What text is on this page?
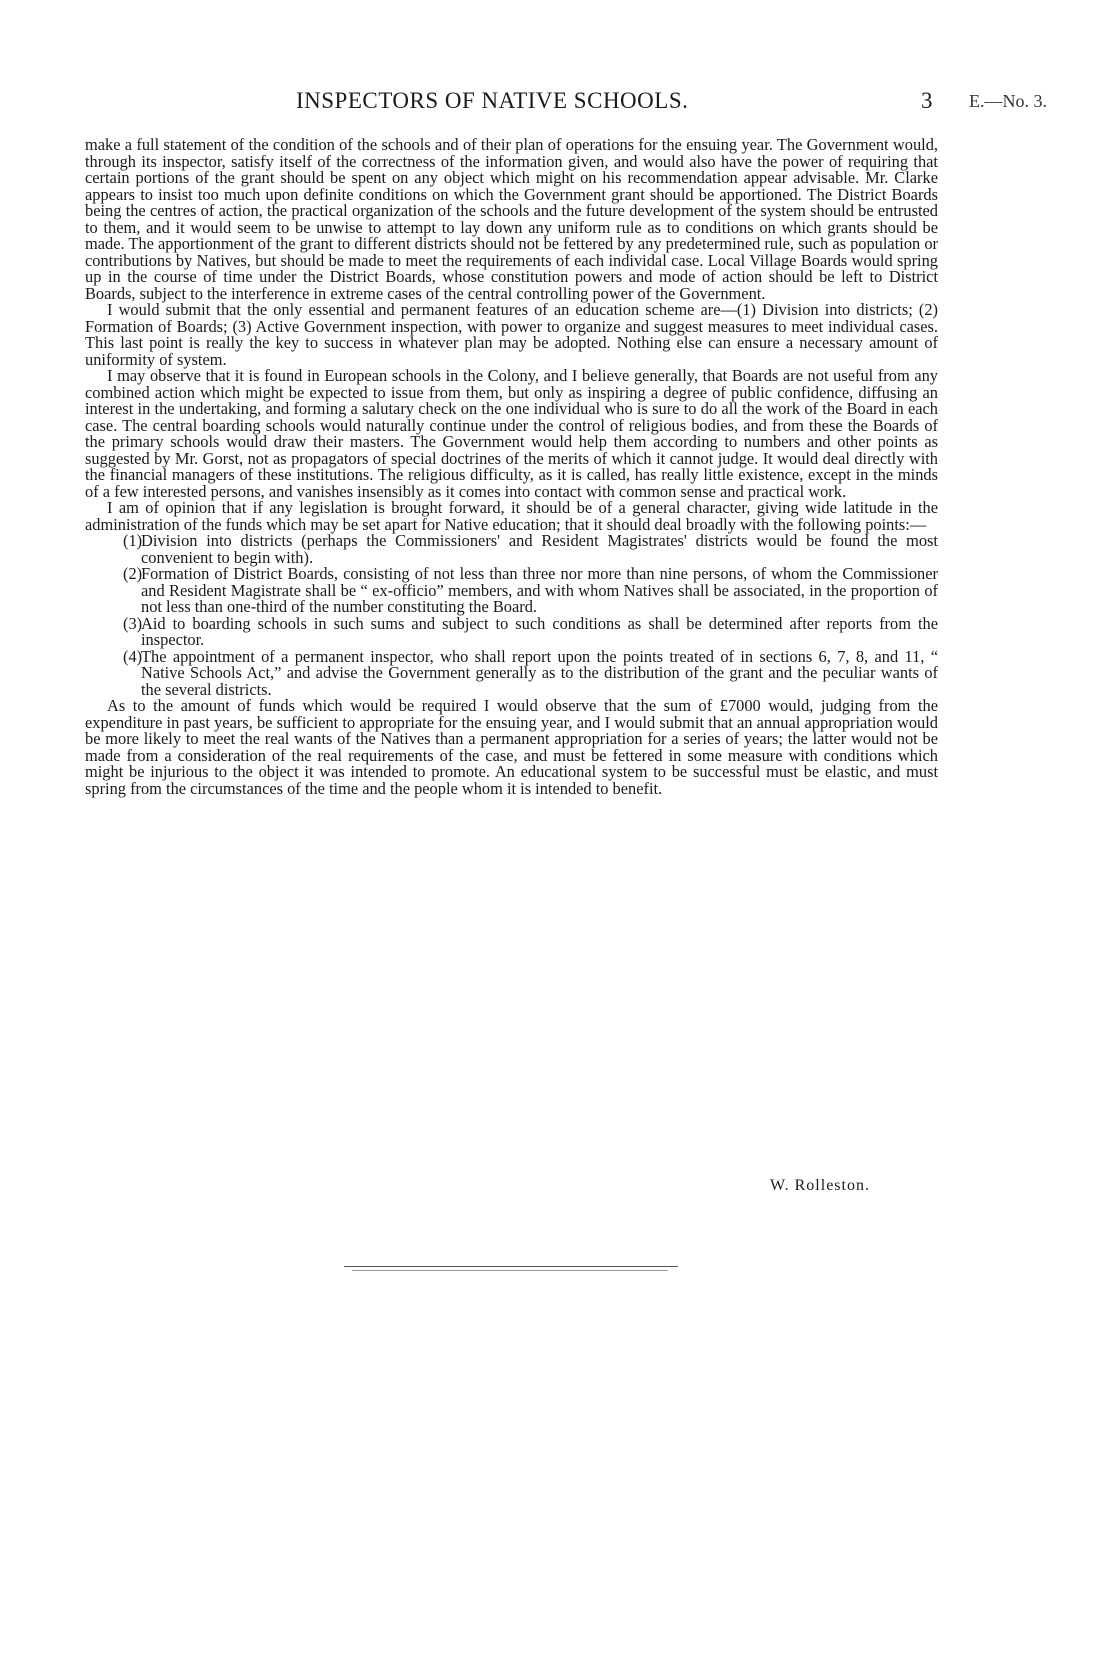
INSPECTORS OF NATIVE SCHOOLS.	3 E.—No. 3.

make a full statement of the condition of the schools and of their plan of operations for the ensuing year. The Government would, through its inspector, satisfy itself of the correctness of the information given, and would also have the power of requiring that certain portions of the grant should be spent on any object which might on his recommendation appear advisable. Mr. Clarke appears to insist too much upon definite conditions on which the Government grant should be apportioned. The District Boards being the centres of action, the practical organization of the schools and the future development of the system should be entrusted to them, and it would seem to be unwise to attempt to lay down any uniform rule as to conditions on which grants should be made. The apportionment of the grant to different districts should not be fettered by any predetermined rule, such as population or contributions by Natives, but should be made to meet the requirements of each individal case. Local Village Boards would spring up in the course of time under the District Boards, whose constitution powers and mode of action should be left to District Boards, subject to the interference in extreme cases of the central controlling power of the Government.

I would submit that the only essential and permanent features of an education scheme are—(1) Division into districts; (2) Formation of Boards; (3) Active Government inspection, with power to organize and suggest measures to meet individual cases. This last point is really the key to success in whatever plan may be adopted. Nothing else can ensure a necessary amount of uniformity of system.

I may observe that it is found in European schools in the Colony, and I believe generally, that Boards are not useful from any combined action which might be expected to issue from them, but only as inspiring a degree of public confidence, diffusing an interest in the undertaking, and forming a salutary check on the one individual who is sure to do all the work of the Board in each case. The central boarding schools would naturally continue under the control of religious bodies, and from these the Boards of the primary schools would draw their masters. The Government would help them according to numbers and other points as suggested by Mr. Gorst, not as propagators of special doctrines of the merits of which it cannot judge. It would deal directly with the financial managers of these institutions. The religious difficulty, as it is called, has really little existence, except in the minds of a few interested persons, and vanishes insensibly as it comes into contact with common sense and practical work.

I am of opinion that if any legislation is brought forward, it should be of a general character, giving wide latitude in the administration of the funds which may be set apart for Native education; that it should deal broadly with the following points:—

(1)
Division into districts (perhaps the Commissioners' and Resident Magistrates' districts would be found the most convenient to begin with).
(2)
Formation of District Boards, consisting of not less than three nor more than nine persons, of whom the Commissioner and Resident Magistrate shall be “ ex-officio” members, and with whom Natives shall be associated, in the proportion of not less than one-third of the number constituting the Board.
(3)
Aid to boarding schools in such sums and subject to such conditions as shall be determined after reports from the inspector.
(4)
The appointment of a permanent inspector, who shall report upon the points treated of in sections 6, 7, 8, and 11, “ Native Schools Act,” and advise the Government generally as to the distribution of the grant and the peculiar wants of the several districts.

As to the amount of funds which would be required I would observe that the sum of £7000 would, judging from the expenditure in past years, be sufficient to appropriate for the ensuing year, and I would submit that an annual appropriation would be more likely to meet the real wants of the Natives than a permanent appropriation for a series of years; the latter would not be made from a consideration of the real requirements of the case, and must be fettered in some measure with conditions which might be injurious to the object it was intended to promote. An educational system to be successful must be elastic, and must spring from the circumstances of the time and the people whom it is intended to benefit.

W. Rolleston.
